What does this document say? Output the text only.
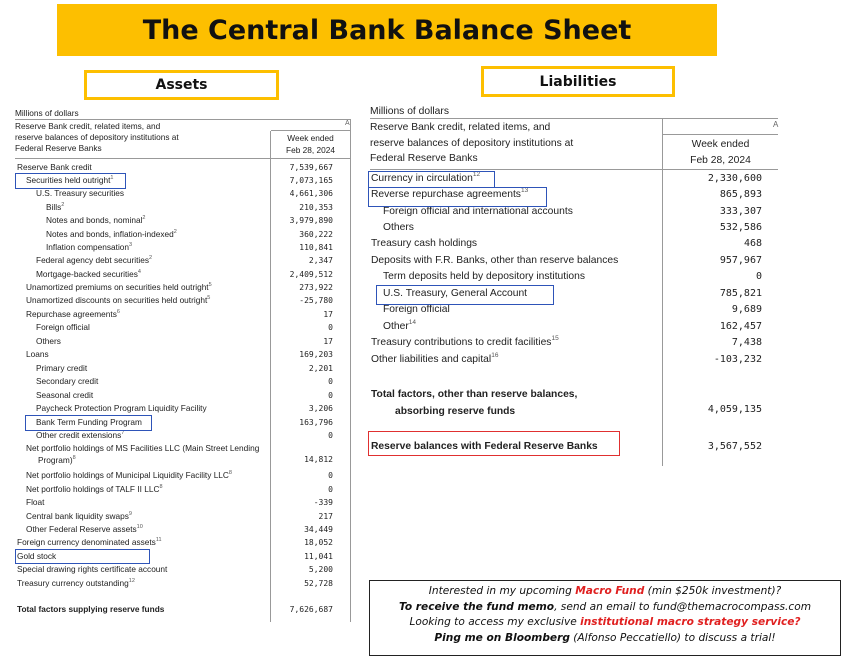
The Central Bank Balance Sheet
Assets	Liabilities
Millions of dollars
A
Reserve Bank credit, related items, and
reserve balances of depository institutions at
Federal Reserve Banks
Week ended
Feb 28, 2024
Reserve Bank credit	7,539,667
Securities held outright$^1$	7,073,165
U.S. Treasury securities	4,661,306
Bills$^2$	210,353
Notes and bonds, nominal$^2$	3,979,890
Notes and bonds, inflation-indexed$^2$	360,222
Inflation compensation$^3$	110,841
Federal agency debt securities$^2$	2,347
Mortgage-backed securities$^4$	2,409,512
Unamortized premiums on securities held outright$^5$	273,922
Unamortized discounts on securities held outright$^5$	-25,780
Repurchase agreements$^6$	17
Foreign official	0
Others	17
Loans	169,203
Primary credit	2,201
Secondary credit	0
Seasonal credit	0
Paycheck Protection Program Liquidity Facility	3,206
Bank Term Funding Program	163,796
Other credit extensions$^7$	0
Net portfolio holdings of MS Facilities LLC (Main Street Lending Program)$^8$	14,812
Net portfolio holdings of Municipal Liquidity Facility LLC$^8$	0
Net portfolio holdings of TALF II LLC$^8$	0
Float	-339
Central bank liquidity swaps$^9$	217
Other Federal Reserve assets$^{10}$	34,449
Foreign currency denominated assets$^{11}$	18,052
Gold stock	11,041
Special drawing rights certificate account	5,200
Treasury currency outstanding$^{12}$	52,728
Total factors supplying reserve funds	7,626,687
Millions of dollars
A
Reserve Bank credit, related items, and
reserve balances of depository institutions at
Federal Reserve Banks
Week ended
Feb 28, 2024
Currency in circulation$^{12}$	2,330,600
Reverse repurchase agreements$^{13}$	865,893
Foreign official and international accounts	333,307
Others	532,586
Treasury cash holdings	468
Deposits with F.R. Banks, other than reserve balances	957,967
Term deposits held by depository institutions	0
U.S. Treasury, General Account	785,821
Foreign official	9,689
Other$^{14}$	162,457
Treasury contributions to credit facilities$^{15}$	7,438
Other liabilities and capital$^{16}$	-103,232
Total factors, other than reserve balances,
absorbing reserve funds	4,059,135
Reserve balances with Federal Reserve Banks	3,567,552
Interested in my upcoming Macro Fund (min $250k investment)?
To receive the fund memo, send an email to fund@themacrocompass.com
Looking to access my exclusive institutional macro strategy service?
Ping me on Bloomberg (Alfonso Peccatiello) to discuss a trial!
